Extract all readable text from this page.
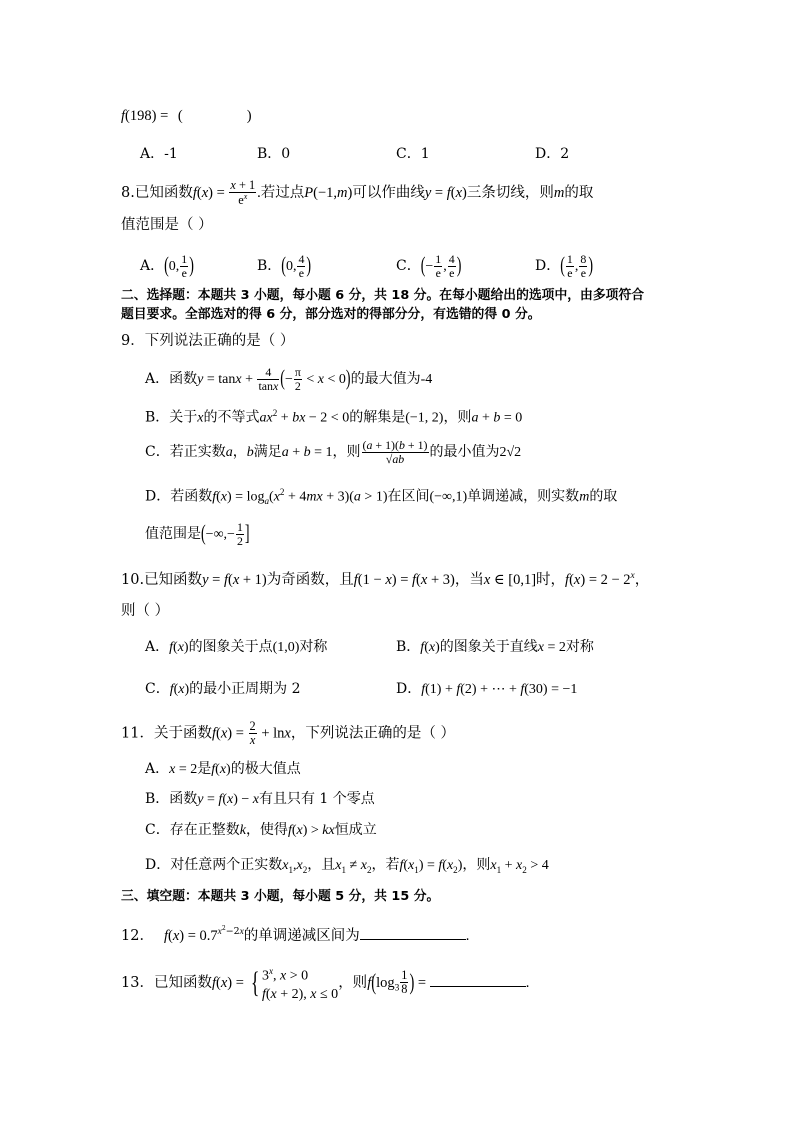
f(198) = (	)
A．-1	B．0	C．1	D．2
8.已知函数$f(x) = \frac{x + 1}{e^x}$ .若过点P(−1,m)可以作曲线y = f(x)三条切线，则m的取
值范围是（ ）
A．(0, $\frac{1}{e}$ )	B．(0, $\frac{4}{e}$ )	C．(− $\frac{1}{e}$ , $\frac{4}{e}$ )	D．( $\frac{1}{e}$ , $\frac{8}{e}$ )
二、选择题：本题共 3 小题，每小题 6 分，共 18 分。在每小题给出的选项中，由多项符合
题目要求。全部选对的得 6 分，部分选对的得部分分，有选错的得 0 分。
9．下列说法正确的是（ ）
A．函数$y = \tan x + \frac{4}{\tan x}$ (− $\frac{\pi}{2} < x < 0$)的最大值为-4
B．关于x的不等式$ax^2$ + bx − 2 < 0的解集是(−1, 2)，则a + b = 0
C．若正实数a，b满足a + b = 1，则 $\frac{(a + 1)(b + 1)}{√ab}$ 的最小值为2√2
D．若函数$f(x) = \log_a(x^2 + 4mx + 3)(a > 1)$在区间(−∞,1)单调递减，则实数m的取
值范围是(−∞,− $\frac{1}{2}$ ]
10.已知函数y = f(x + 1)为奇函数，且f(1 − x) = f(x + 3)，当x ∈ [0,1]时，$f(x) = 2 - 2^x$，
则（ ）
A．f(x)的图象关于点(1,0)对称	B．f(x)的图象关于直线x = 2对称
C．f(x)的最小正周期为 2	D．f(1) + f(2) + ⋯ + f(30) = −1
11．关于函数$f(x) = \frac{2}{x} + \ln x$，下列说法正确的是（ ）
A．x = 2是f(x)的极大值点
B．函数y = f(x) − x有且只有 1 个零点
C．存在正整数k，使得f(x) > kx恒成立
D．对任意两个正实数$x_1,x_2$，且$x_1 \ne x_2$，若$f(x_1) = f(x_2)$，则$x_1 + x_2 > 4$
三、填空题：本题共 3 小题，每小题 5 分，共 15 分。
12． $f(x) = 0.7^{x^2-2x}$的单调递减区间为	.
13．已知函数f(x) = { 3$^x$, x > 0
f(x + 2), x ≤ 0
，则$f(\log_3 \frac{1}{8}$ ) =	.
